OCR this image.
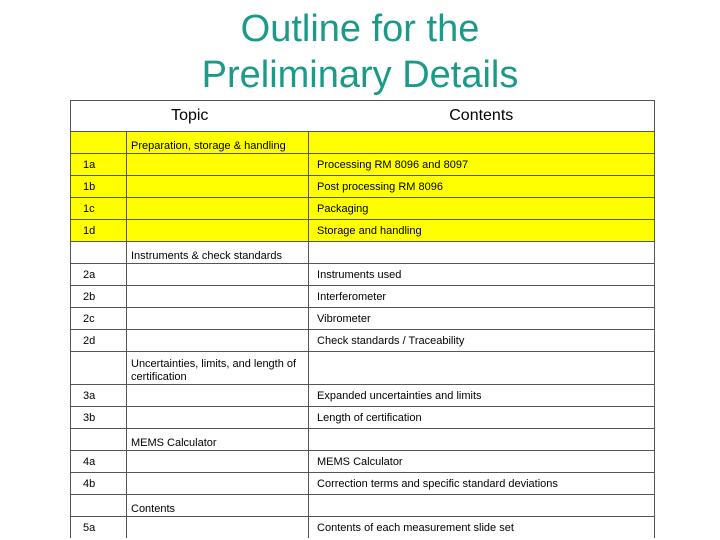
Outline for the
Preliminary Details
Topic		Contents
	Preparation, storage & handling	
1a		Processing RM 8096 and 8097
1b		Post processing RM 8096
1c		Packaging
1d		Storage and handling
	Instruments & check standards	
2a		Instruments used
2b		Interferometer
2c		Vibrometer
2d		Check standards / Traceability
	Uncertainties, limits, and length of certification	
3a		Expanded uncertainties and limits
3b		Length of certification
	MEMS Calculator	
4a		MEMS Calculator
4b		Correction terms and specific standard deviations
	Contents	
5a		Contents of each measurement slide set
